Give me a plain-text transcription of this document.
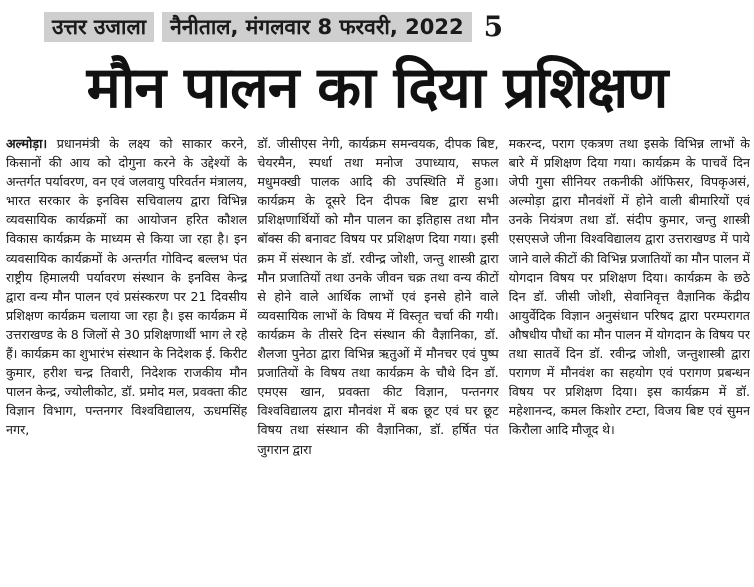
उत्तर उजाला	नैनीताल, मंगलवार 8 फरवरी, 2022 5
मौन पालन का दिया प्रशिक्षण

अल्मोड़ा। प्रधानमंत्री के लक्ष्य को साकार करने, किसानों की आय को दोगुना करने के उद्देश्यों के अन्तर्गत पर्यावरण, वन एवं जलवायु परिवर्तन मंत्रालय, भारत सरकार के इनविस सचिवालय द्वारा विभिन्न व्यवसायिक कार्यक्रमों का आयोजन हरित कौशल विकास कार्यक्रम के माध्यम से किया जा रहा है। इन व्यवसायिक कार्यक्रमों के अन्तर्गत गोविन्द बल्लभ पंत राष्ट्रीय हिमालयी पर्यावरण संस्थान के इनविस केन्द्र द्वारा वन्य मौन पालन एवं प्रसंस्करण पर 21 दिवसीय प्रशिक्षण कार्यक्रम चलाया जा रहा है। इस कार्यक्रम में उत्तराखण्ड के 8 जिलों से 30 प्रशिक्षणार्थी भाग ले रहे हैं। कार्यक्रम का शुभारंभ संस्थान के निदेशक ई. किरीट कुमार, हरीश चन्द्र तिवारी, निदेशक राजकीय मौन पालन केन्द्र, ज्योलीकोट, डॉ. प्रमोद मल, प्रवक्ता कीट विज्ञान विभाग, पन्तनगर विश्वविद्यालय, ऊधमसिंह नगर,

डॉ. जीसीएस नेगी, कार्यक्रम समन्वयक, दीपक बिष्ट, चेयरमैन, स्पर्धा तथा मनोज उपाध्याय, सफल मधुमक्खी पालक आदि की उपस्थिति में हुआ। कार्यक्रम के दूसरे दिन दीपक बिष्ट द्वारा सभी प्रशिक्षणार्थियों को मौन पालन का इतिहास तथा मौन बॉक्स की बनावट विषय पर प्रशिक्षण दिया गया। इसी क्रम में संस्थान के डॉ. रवीन्द्र जोशी, जन्तु शास्त्री द्वारा मौन प्रजातियों तथा उनके जीवन चक्र तथा वन्य कीटों से होने वाले आर्थिक लाभों एवं इनसे होने वाले व्यवसायिक लाभों के विषय में विस्तृत चर्चा की गयी। कार्यक्रम के तीसरे दिन संस्थान की वैज्ञानिका, डॉ. शैलजा पुनेठा द्वारा विभिन्न ऋतुओं में मौनचर एवं पुष्प प्रजातियों के विषय तथा कार्यक्रम के चौथे दिन डॉ. एमएस खान, प्रवक्ता कीट विज्ञान, पन्तनगर विश्वविद्यालय द्वारा मौनवंश में बक छूट एवं घर छूट विषय तथा संस्थान की वैज्ञानिका, डॉ. हर्षित पंत जुगरान द्वारा

मकरन्द, पराग एकत्रण तथा इसके विभिन्न लाभों के बारे में प्रशिक्षण दिया गया। कार्यक्रम के पाचवें दिन जेपी गुसा सीनियर तकनीकी ऑफिसर, विपकृअसं, अल्मोड़ा द्वारा मौनवंशों में होने वाली बीमारियों एवं उनके नियंत्रण तथा डॉ. संदीप कुमार, जन्तु शास्त्री एसएसजे जीना विश्वविद्यालय द्वारा उत्तराखण्ड में पाये जाने वाले कीटों की विभिन्न प्रजातियों का मौन पालन में योगदान विषय पर प्रशिक्षण दिया। कार्यक्रम के छठे दिन डॉ. जीसी जोशी, सेवानिवृत्त वैज्ञानिक केंद्रीय आयुर्वेदिक विज्ञान अनुसंधान परिषद द्वारा परम्परागत औषधीय पौधों का मौन पालन में योगदान के विषय पर तथा सातवें दिन डॉ. रवीन्द्र जोशी, जन्तुशास्त्री द्वारा परागण में मौनवंश का सहयोग एवं परागण प्रबन्धन विषय पर प्रशिक्षण दिया। इस कार्यक्रम में डॉ. महेशानन्द, कमल किशोर टम्टा, विजय बिष्ट एवं सुमन किरौला आदि मौजूद थे।
